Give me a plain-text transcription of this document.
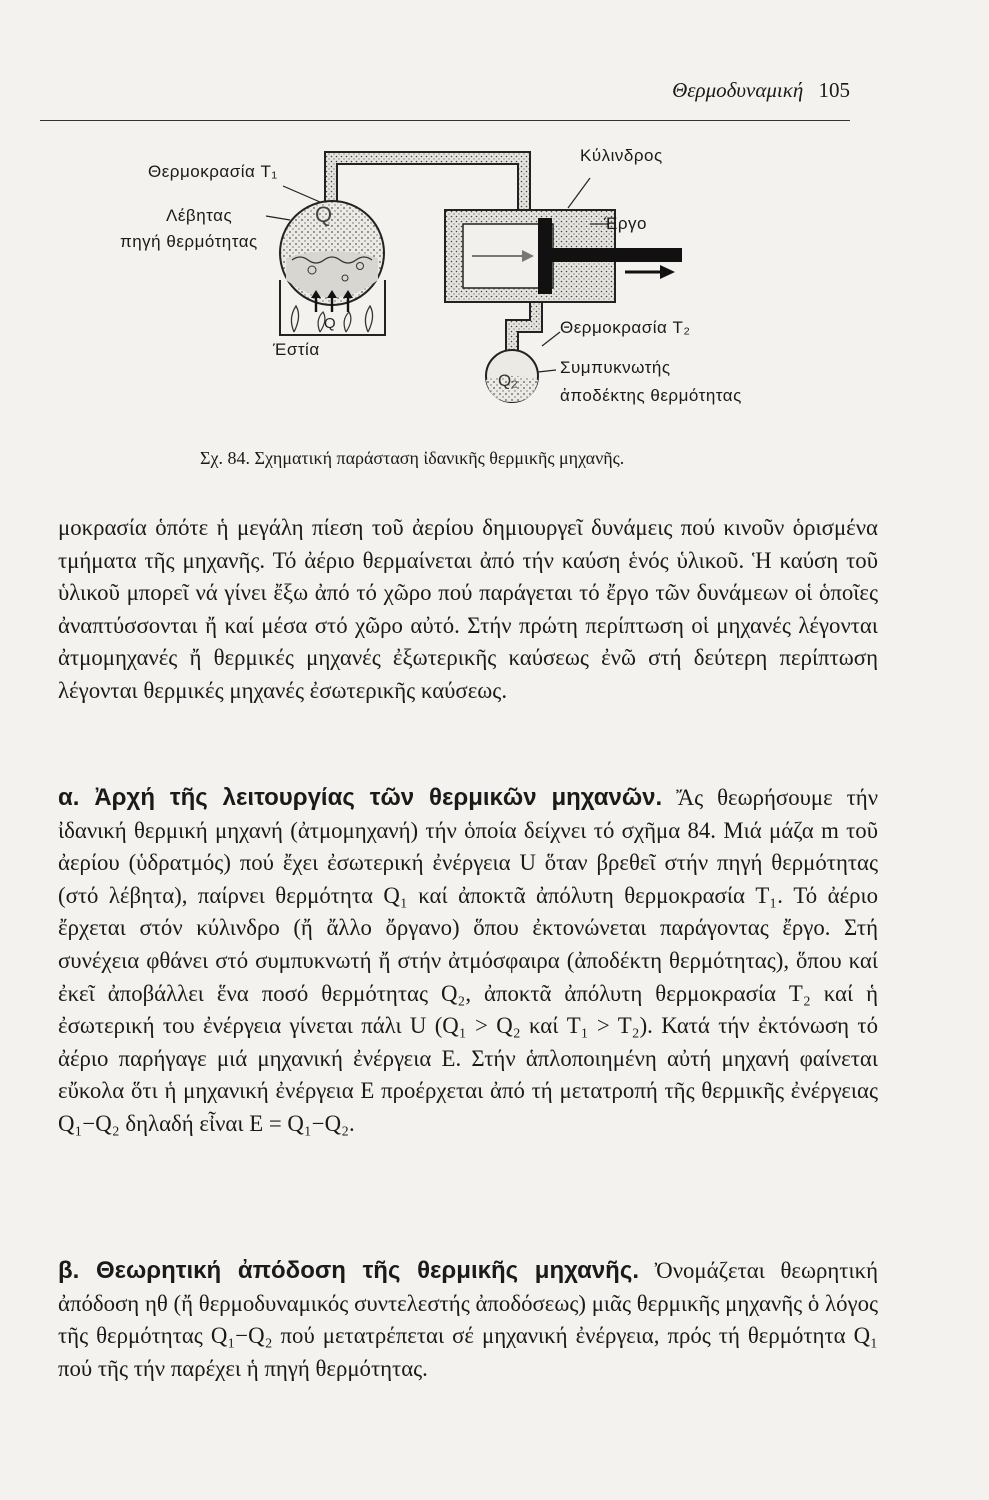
Θερμοδυναμική 105
Q
Q
Q₂
Θερμοκρασία T₁
Λέβητας
πηγή θερμότητας
Έστία
Κύλινδρος
Έργο
Θερμοκρασία T₂
Συμπυκνωτής
ἀποδέκτης θερμότητας
Σχ. 84. Σχηματική παράσταση ἰδανικῆς θερμικῆς μηχανῆς.
μοκρασία ὁπότε ἡ μεγάλη πίεση τοῦ ἀερίου δημιουργεῖ δυνάμεις πού κινοῦν ὁρισμένα τμήματα τῆς μηχανῆς. Τό ἀέριο θερμαίνεται ἀπό τήν καύση ἑνός ὑλικοῦ. Ἡ καύση τοῦ ὑλικοῦ μπορεῖ νά γίνει ἔξω ἀπό τό χῶρο πού παράγεται τό ἔργο τῶν δυνάμεων οἱ ὁποῖες ἀναπτύσσονται ἤ καί μέσα στό χῶρο αὐτό. Στήν πρώτη περίπτωση οἱ μηχανές λέγονται ἀτμομηχανές ἤ θερμικές μηχανές ἐξωτερικῆς καύσεως ἐνῶ στή δεύτερη περίπτωση λέγονται θερμικές μηχανές ἐσωτερικῆς καύσεως.
α. Ἀρχή τῆς λειτουργίας τῶν θερμικῶν μηχανῶν. Ἄς θεωρήσουμε τήν ἰδανική θερμική μηχανή (ἀτμομηχανή) τήν ὁποία δείχνει τό σχῆμα 84. Μιά μάζα m τοῦ ἀερίου (ὑδρατμός) πού ἔχει ἐσωτερική ἐνέργεια U ὅταν βρεθεῖ στήν πηγή θερμότητας (στό λέβητα), παίρνει θερμότητα Q₁ καί ἀποκτᾶ ἀπόλυτη θερμοκρασία T₁. Τό ἀέριο ἔρχεται στόν κύλινδρο (ἤ ἄλλο ὄργανο) ὅπου ἐκτονώνεται παράγοντας ἔργο. Στή συνέχεια φθάνει στό συμπυκνωτή ἤ στήν ἀτμόσφαιρα (ἀποδέκτη θερμότητας), ὅπου καί ἐκεῖ ἀποβάλλει ἕνα ποσό θερμότητας Q₂, ἀποκτᾶ ἀπόλυτη θερμοκρασία T₂ καί ἡ ἐσωτερική του ἐνέργεια γίνεται πάλι U (Q₁ > Q₂ καί T₁ > T₂). Κατά τήν ἐκτόνωση τό ἀέριο παρήγαγε μιά μηχανική ἐνέργεια E. Στήν ἁπλοποιημένη αὐτή μηχανή φαίνεται εὔκολα ὅτι ἡ μηχανική ἐνέργεια E προέρχεται ἀπό τή μετατροπή τῆς θερμικῆς ἐνέργειας Q₁−Q₂ δηλαδή εἶναι E = Q₁−Q₂.
β. Θεωρητική ἀπόδοση τῆς θερμικῆς μηχανῆς. Ὀνομάζεται θεωρητική ἀπόδοση ηθ (ἤ θερμοδυναμικός συντελεστής ἀποδόσεως) μιᾶς θερμικῆς μηχανῆς ὁ λόγος τῆς θερμότητας Q₁−Q₂ πού μετατρέπεται σέ μηχανική ἐνέργεια, πρός τή θερμότητα Q₁ πού τῆς τήν παρέχει ἡ πηγή θερμότητας.
